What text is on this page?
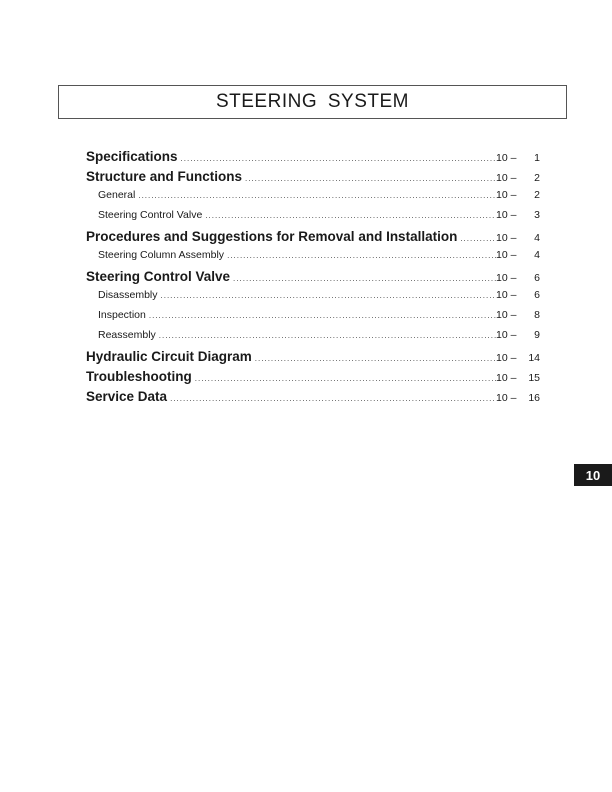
STEERING SYSTEM
Specifications .....	10 – 1
Structure and Functions .....	10 – 2
General .....	10 – 2
Steering Control Valve .....	10 – 3
Procedures and Suggestions for Removal and Installation .....	10 – 4
Steering Column Assembly .....	10 – 4
Steering Control Valve .....	10 – 6
Disassembly .....	10 – 6
Inspection .....	10 – 8
Reassembly .....	10 – 9
Hydraulic Circuit Diagram .....	10 – 14
Troubleshooting .....	10 – 15
Service Data .....	10 – 16
10
